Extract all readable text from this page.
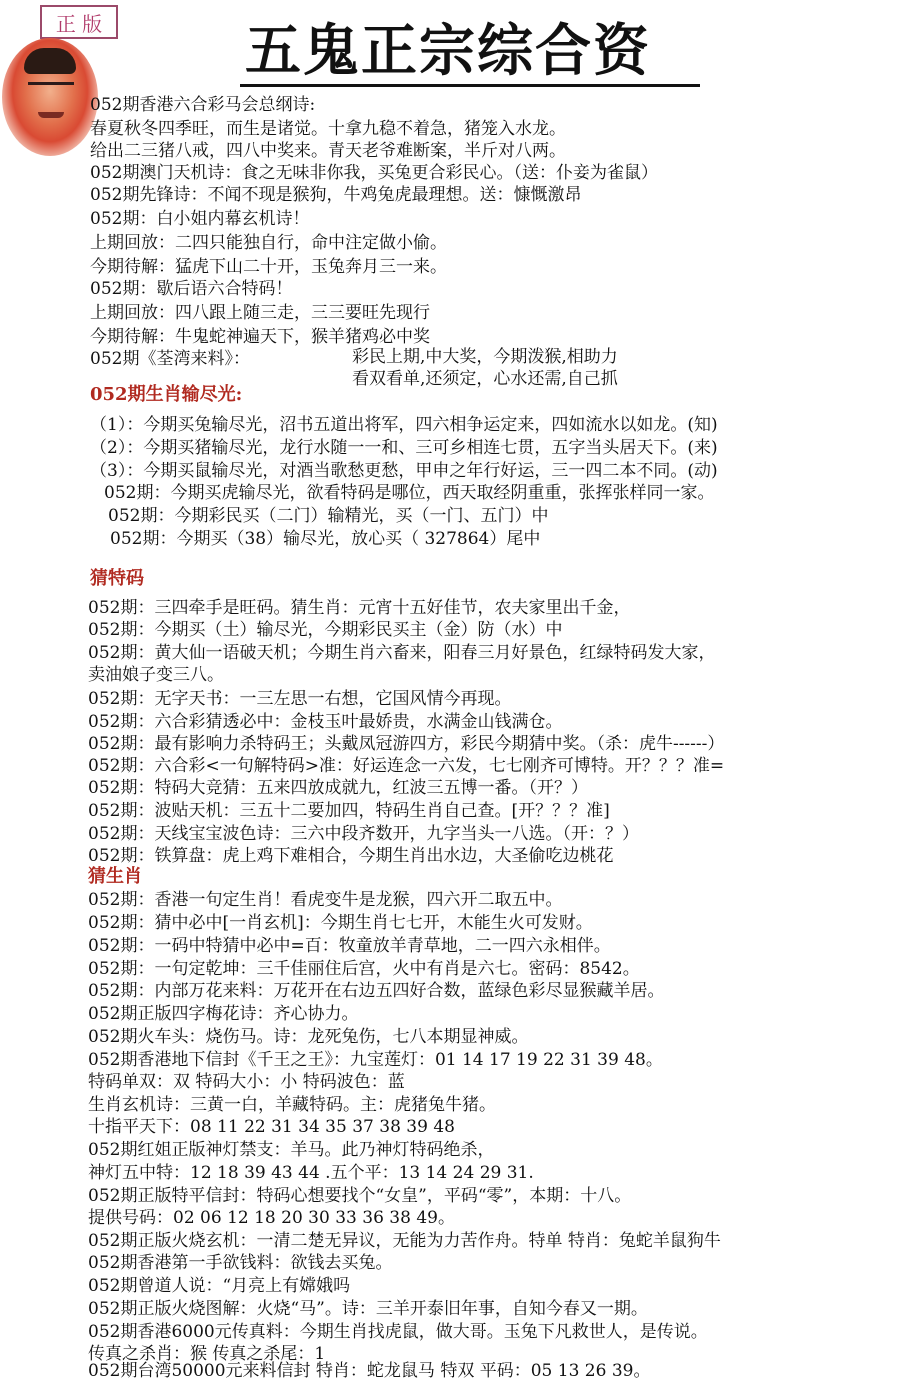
正 版	五鬼正宗综合资
052期香港六合彩马会总纲诗:
春夏秋冬四季旺，而生是诸觉。十拿九稳不着急，猪笼入水龙。
给出二三猪八戒，四八中奖来。青天老爷难断案，半斤对八两。
052期澳门天机诗：食之无味非你我，买兔更合彩民心。（送：仆妾为雀鼠）
052期先锋诗：不闻不现是猴狗，牛鸡兔虎最理想。送：慷慨激昂
052期：白小姐内幕玄机诗！
上期回放：二四只能独自行，命中注定做小偷。
今期待解：猛虎下山二十开，玉兔奔月三一来。
052期：歇后语六合特码！
上期回放：四八跟上随三走，三三要旺先现行
今期待解：牛鬼蛇神遍天下，猴羊猪鸡必中奖
052期《荃湾来料》：	彩民上期,中大奖，今期泼猴,相助力
看双看单,还须定，心水还需,自己抓
052期生肖输尽光:
（1）：今期买兔输尽光，沼书五道出将军，四六相争运定来，四如流水以如龙。(知)
（2）：今期买猪输尽光，龙行水随一一和、三可乡相连七贯，五字当头居天下。(来)
（3）：今期买鼠输尽光，对酒当歌愁更愁，甲申之年行好运，三一四二本不同。(动)
052期：今期买虎输尽光，欲看特码是哪位，西天取经阴重重，张挥张样同一家。
052期：今期彩民买（二门）输精光，买（一门、五门）中
052期：今期买（38）输尽光，放心买（ 327864）尾中
猜特码
052期：三四牵手是旺码。猜生肖：元宵十五好佳节，农夫家里出千金，
052期：今期买（土）输尽光，今期彩民买主（金）防（水）中
052期：黄大仙一语破天机；今期生肖六畜来，阳春三月好景色，红绿特码发大家，
卖油娘子变三八。
052期：无字天书：一三左思一右想，它国风情今再现。
052期：六合彩猜透必中：金枝玉叶最娇贵，水满金山钱满仓。
052期：最有影响力杀特码王；头戴凤冠游四方，彩民今期猜中奖。（杀：虎牛------）
052期：六合彩<一句解特码>准：好运连念一六发，七七刚齐可博特。开？？？准=
052期：特码大竞猜：五来四放成就九，红波三五博一番。（开？）
052期：波贴天机：三五十二要加四，特码生肖自己查。[开？？？准]
052期：天线宝宝波色诗：三六中段齐数开，九字当头一八选。（开：？）
052期：铁算盘：虎上鸡下难相合，今期生肖出水边，大圣偷吃边桃花
猜生肖
052期：香港一句定生肖！看虎变牛是龙猴，四六开二取五中。
052期：猜中必中[一肖玄机]：今期生肖七七开，木能生火可发财。
052期：一码中特猜中必中=百：牧童放羊青草地，二一四六永相伴。
052期：一句定乾坤：三千佳丽住后宫，火中有肖是六七。密码：8542。
052期：内部万花来料：万花开在右边五四好合数，蓝绿色彩尽显猴藏羊居。
052期正版四字梅花诗：齐心协力。
052期火车头：烧伤马。诗：龙死兔伤，七八本期显神威。
052期香港地下信封《千王之王》：九宝莲灯：01 14 17 19 22 31 39 48。
特码单双：双 特码大小：小 特码波色：蓝
生肖玄机诗：三黄一白，羊藏特码。主：虎猪兔牛猪。
十指平天下：08 11 22 31 34 35 37 38 39 48
052期红姐正版神灯禁支：羊马。此乃神灯特码绝杀，
神灯五中特：12 18 39 43 44 .五个平：13 14 24 29 31.
052期正版特平信封：特码心想要找个“女皇”，平码“零”，本期：十八。
提供号码：02 06 12 18 20 30 33 36 38 49。
052期正版火烧玄机：一清二楚无异议，无能为力苦作舟。特单 特肖：兔蛇羊鼠狗牛
052期香港第一手欲钱料：欲钱去买兔。
052期曾道人说：“月亮上有嫦娥吗
052期正版火烧图解：火烧“马”。诗：三羊开泰旧年事，自知今春又一期。
052期香港6000元传真料：今期生肖找虎鼠，做大哥。玉兔下凡救世人，是传说。
传真之杀肖：猴 传真之杀尾：1
052期台湾50000元来料信封 特肖：蛇龙鼠马 特双 平码：05 13 26 39。
